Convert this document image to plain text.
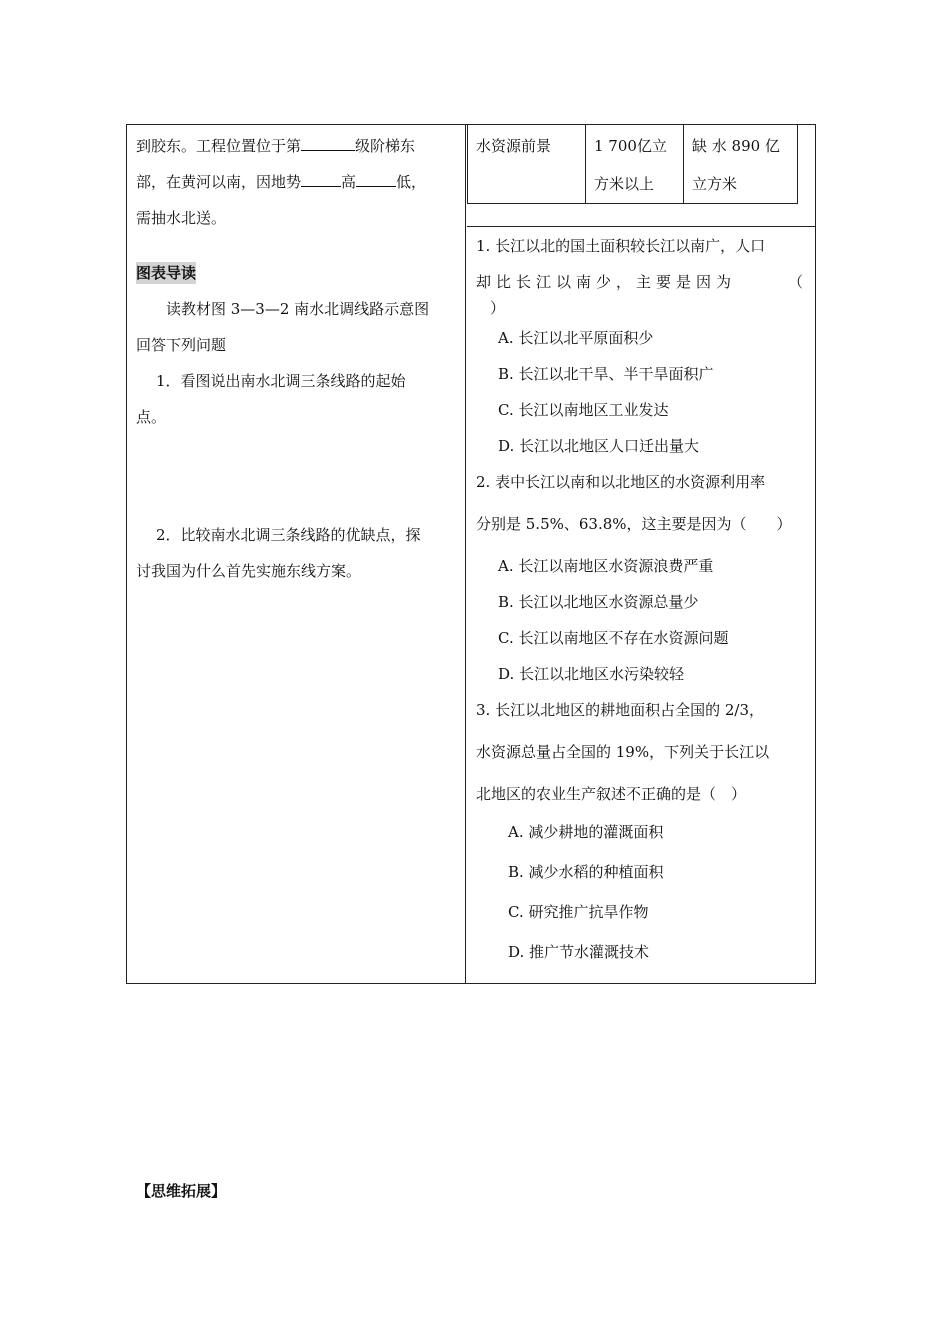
到胶东。工程位置位于第	级阶梯东

部，在黄河以南，因地势	高	低，

需抽水北送。

图表导读

读教材图 3—3—2 南水北调线路示意图

回答下列问题

1．看图说出南水北调三条线路的起始

点。

2．比较南水北调三条线路的优缺点，探

讨我国为什么首先实施东线方案。

水资源前景	1 700亿立
方米以上	缺 水 890 亿
立方米

1. 长江以北的国土面积较长江以南广，人口

却比长江以南少，主要是因为	（

）

A. 长江以北平原面积少

B. 长江以北干旱、半干旱面积广

C. 长江以南地区工业发达

D. 长江以北地区人口迁出量大

2. 表中长江以南和以北地区的水资源利用率

分别是 5.5%、63.8%，这主要是因为（　　）

A. 长江以南地区水资源浪费严重

B. 长江以北地区水资源总量少

C. 长江以南地区不存在水资源问题

D. 长江以北地区水污染较轻

3. 长江以北地区的耕地面积占全国的 2/3，

水资源总量占全国的 19%，下列关于长江以

北地区的农业生产叙述不正确的是（　）

A. 减少耕地的灌溉面积

B. 减少水稻的种植面积

C. 研究推广抗旱作物

D. 推广节水灌溉技术

【思维拓展】
